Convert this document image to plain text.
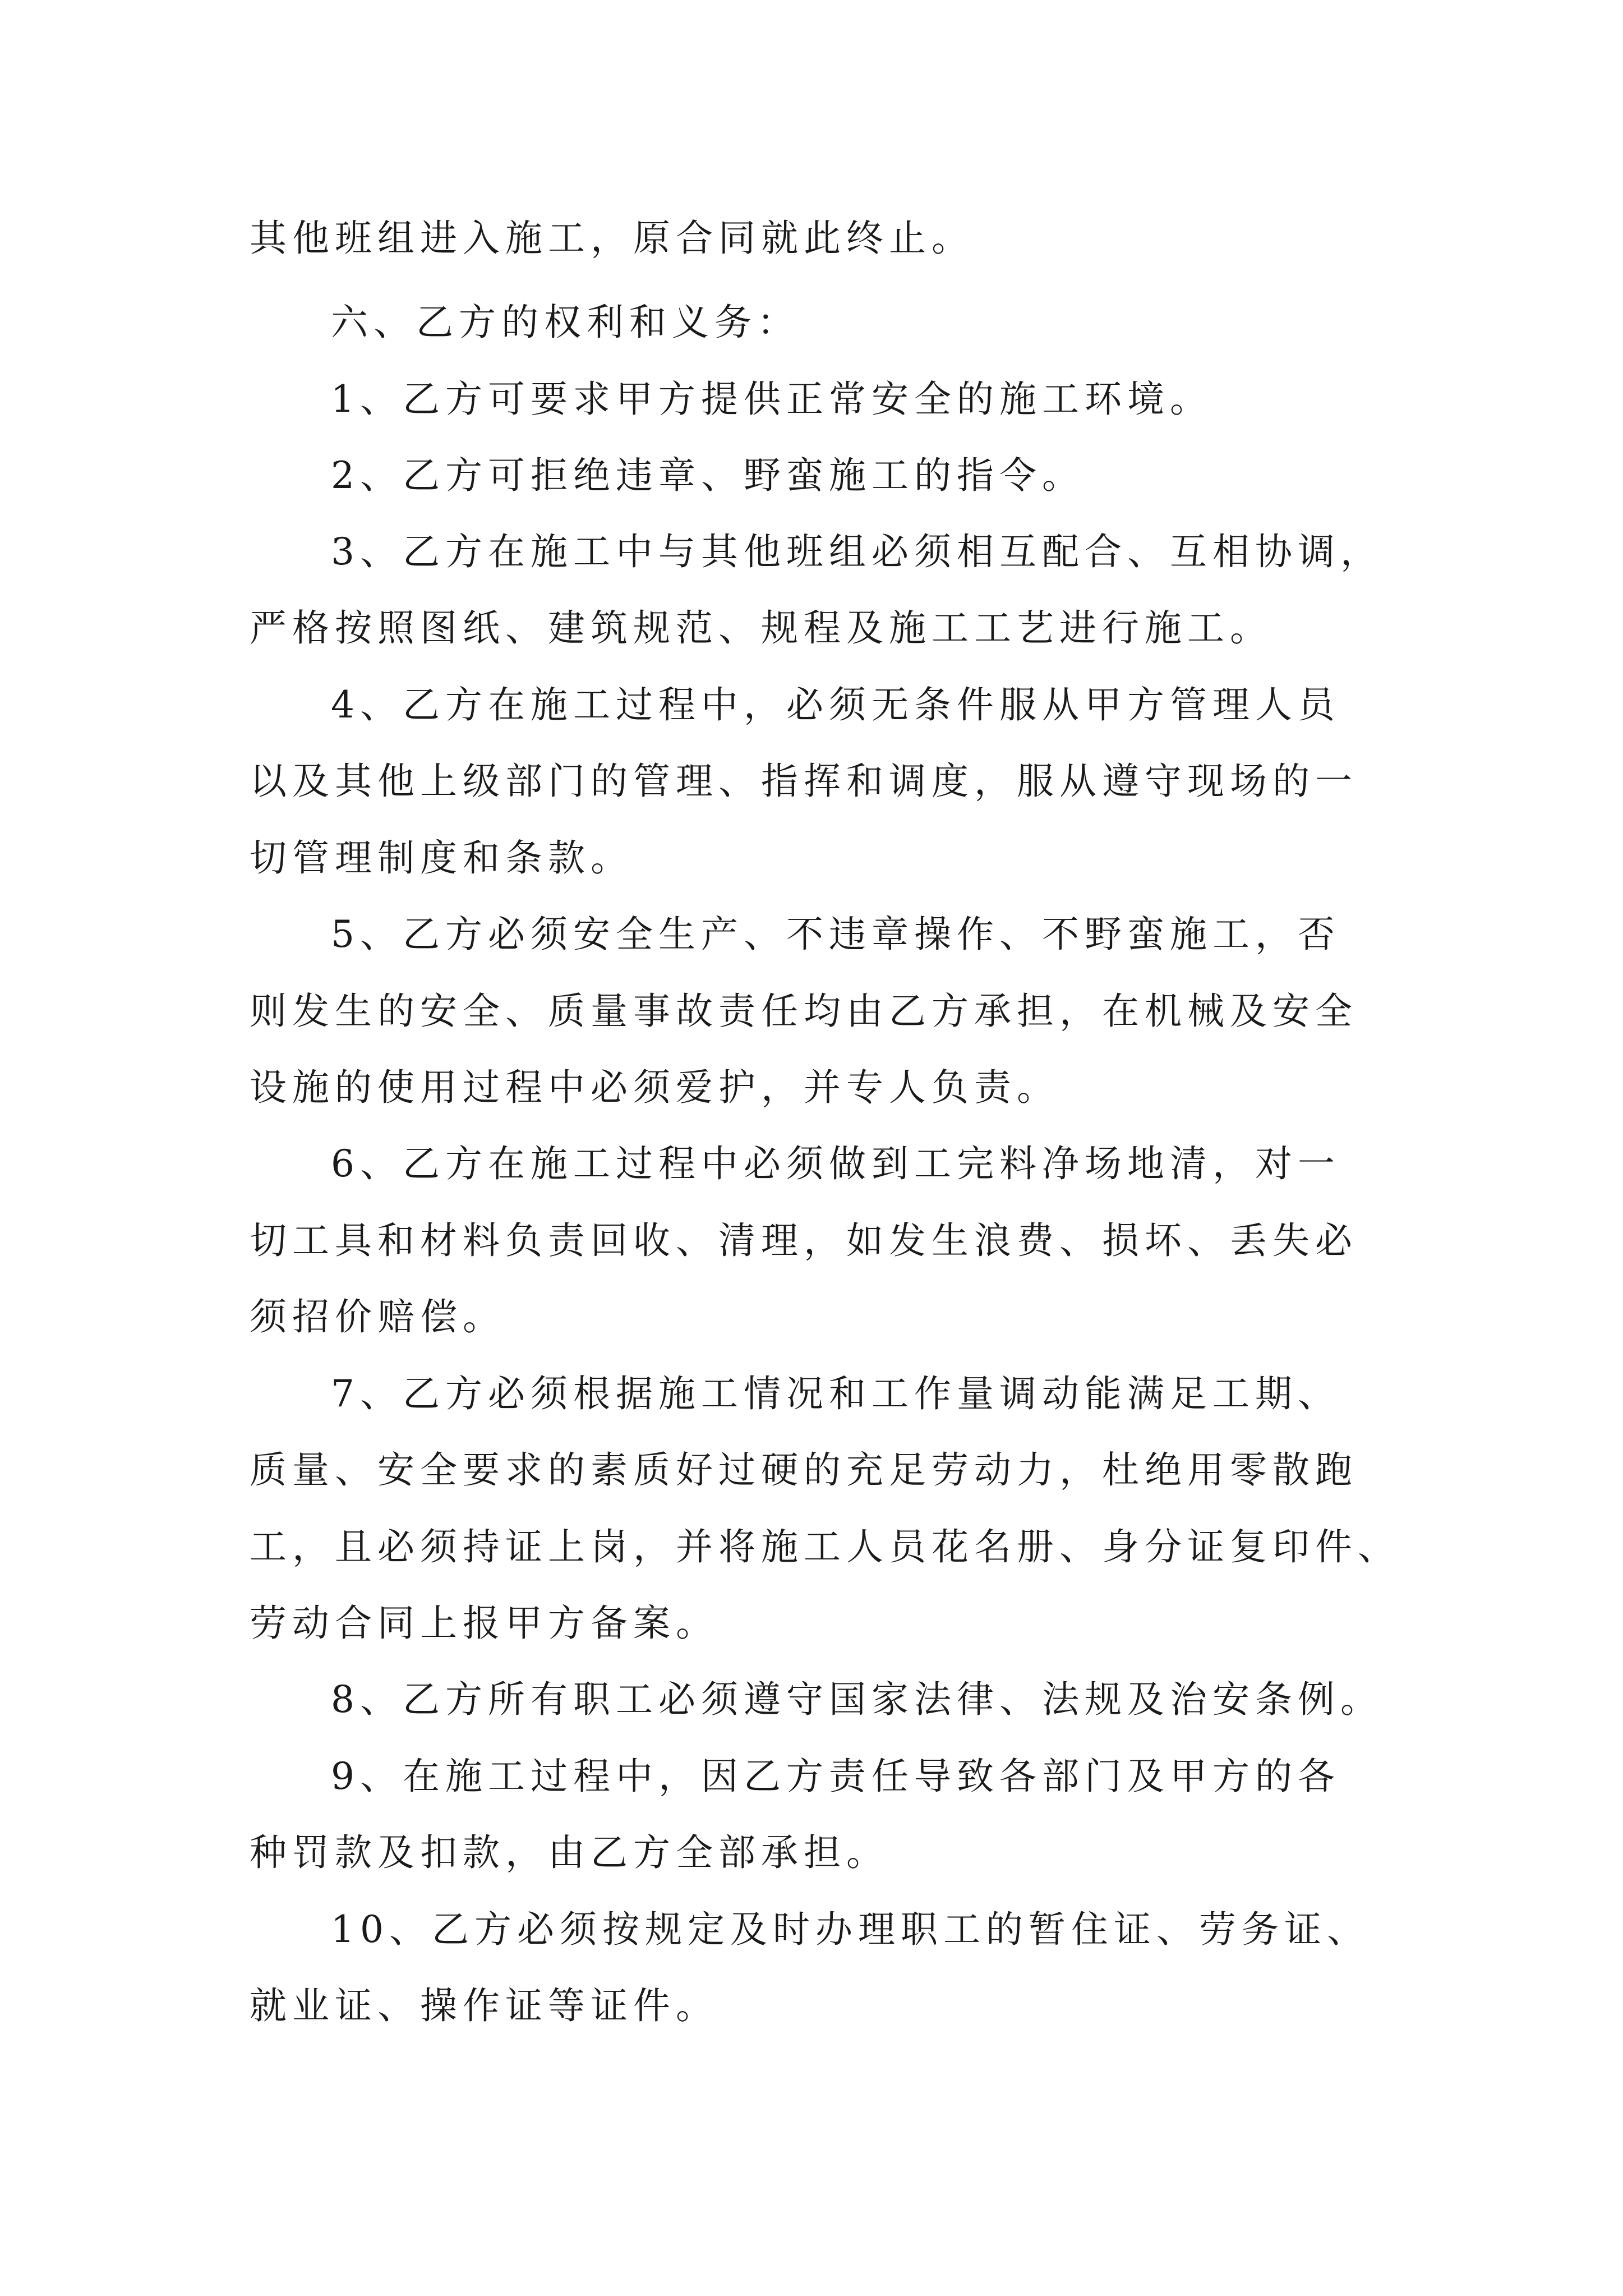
其他班组进入施工，原合同就此终止。
六、乙方的权利和义务：
1、乙方可要求甲方提供正常安全的施工环境。
2、乙方可拒绝违章、野蛮施工的指令。
3、乙方在施工中与其他班组必须相互配合、互相协调，
严格按照图纸、建筑规范、规程及施工工艺进行施工。
4、乙方在施工过程中，必须无条件服从甲方管理人员
以及其他上级部门的管理、指挥和调度，服从遵守现场的一
切管理制度和条款。
5、乙方必须安全生产、不违章操作、不野蛮施工，否
则发生的安全、质量事故责任均由乙方承担，在机械及安全
设施的使用过程中必须爱护，并专人负责。
6、乙方在施工过程中必须做到工完料净场地清，对一
切工具和材料负责回收、清理，如发生浪费、损坏、丢失必
须招价赔偿。
7、乙方必须根据施工情况和工作量调动能满足工期、
质量、安全要求的素质好过硬的充足劳动力，杜绝用零散跑
工，且必须持证上岗，并将施工人员花名册、身分证复印件、
劳动合同上报甲方备案。
8、乙方所有职工必须遵守国家法律、法规及治安条例。
9、在施工过程中，因乙方责任导致各部门及甲方的各
种罚款及扣款，由乙方全部承担。
10、乙方必须按规定及时办理职工的暂住证、劳务证、
就业证、操作证等证件。
